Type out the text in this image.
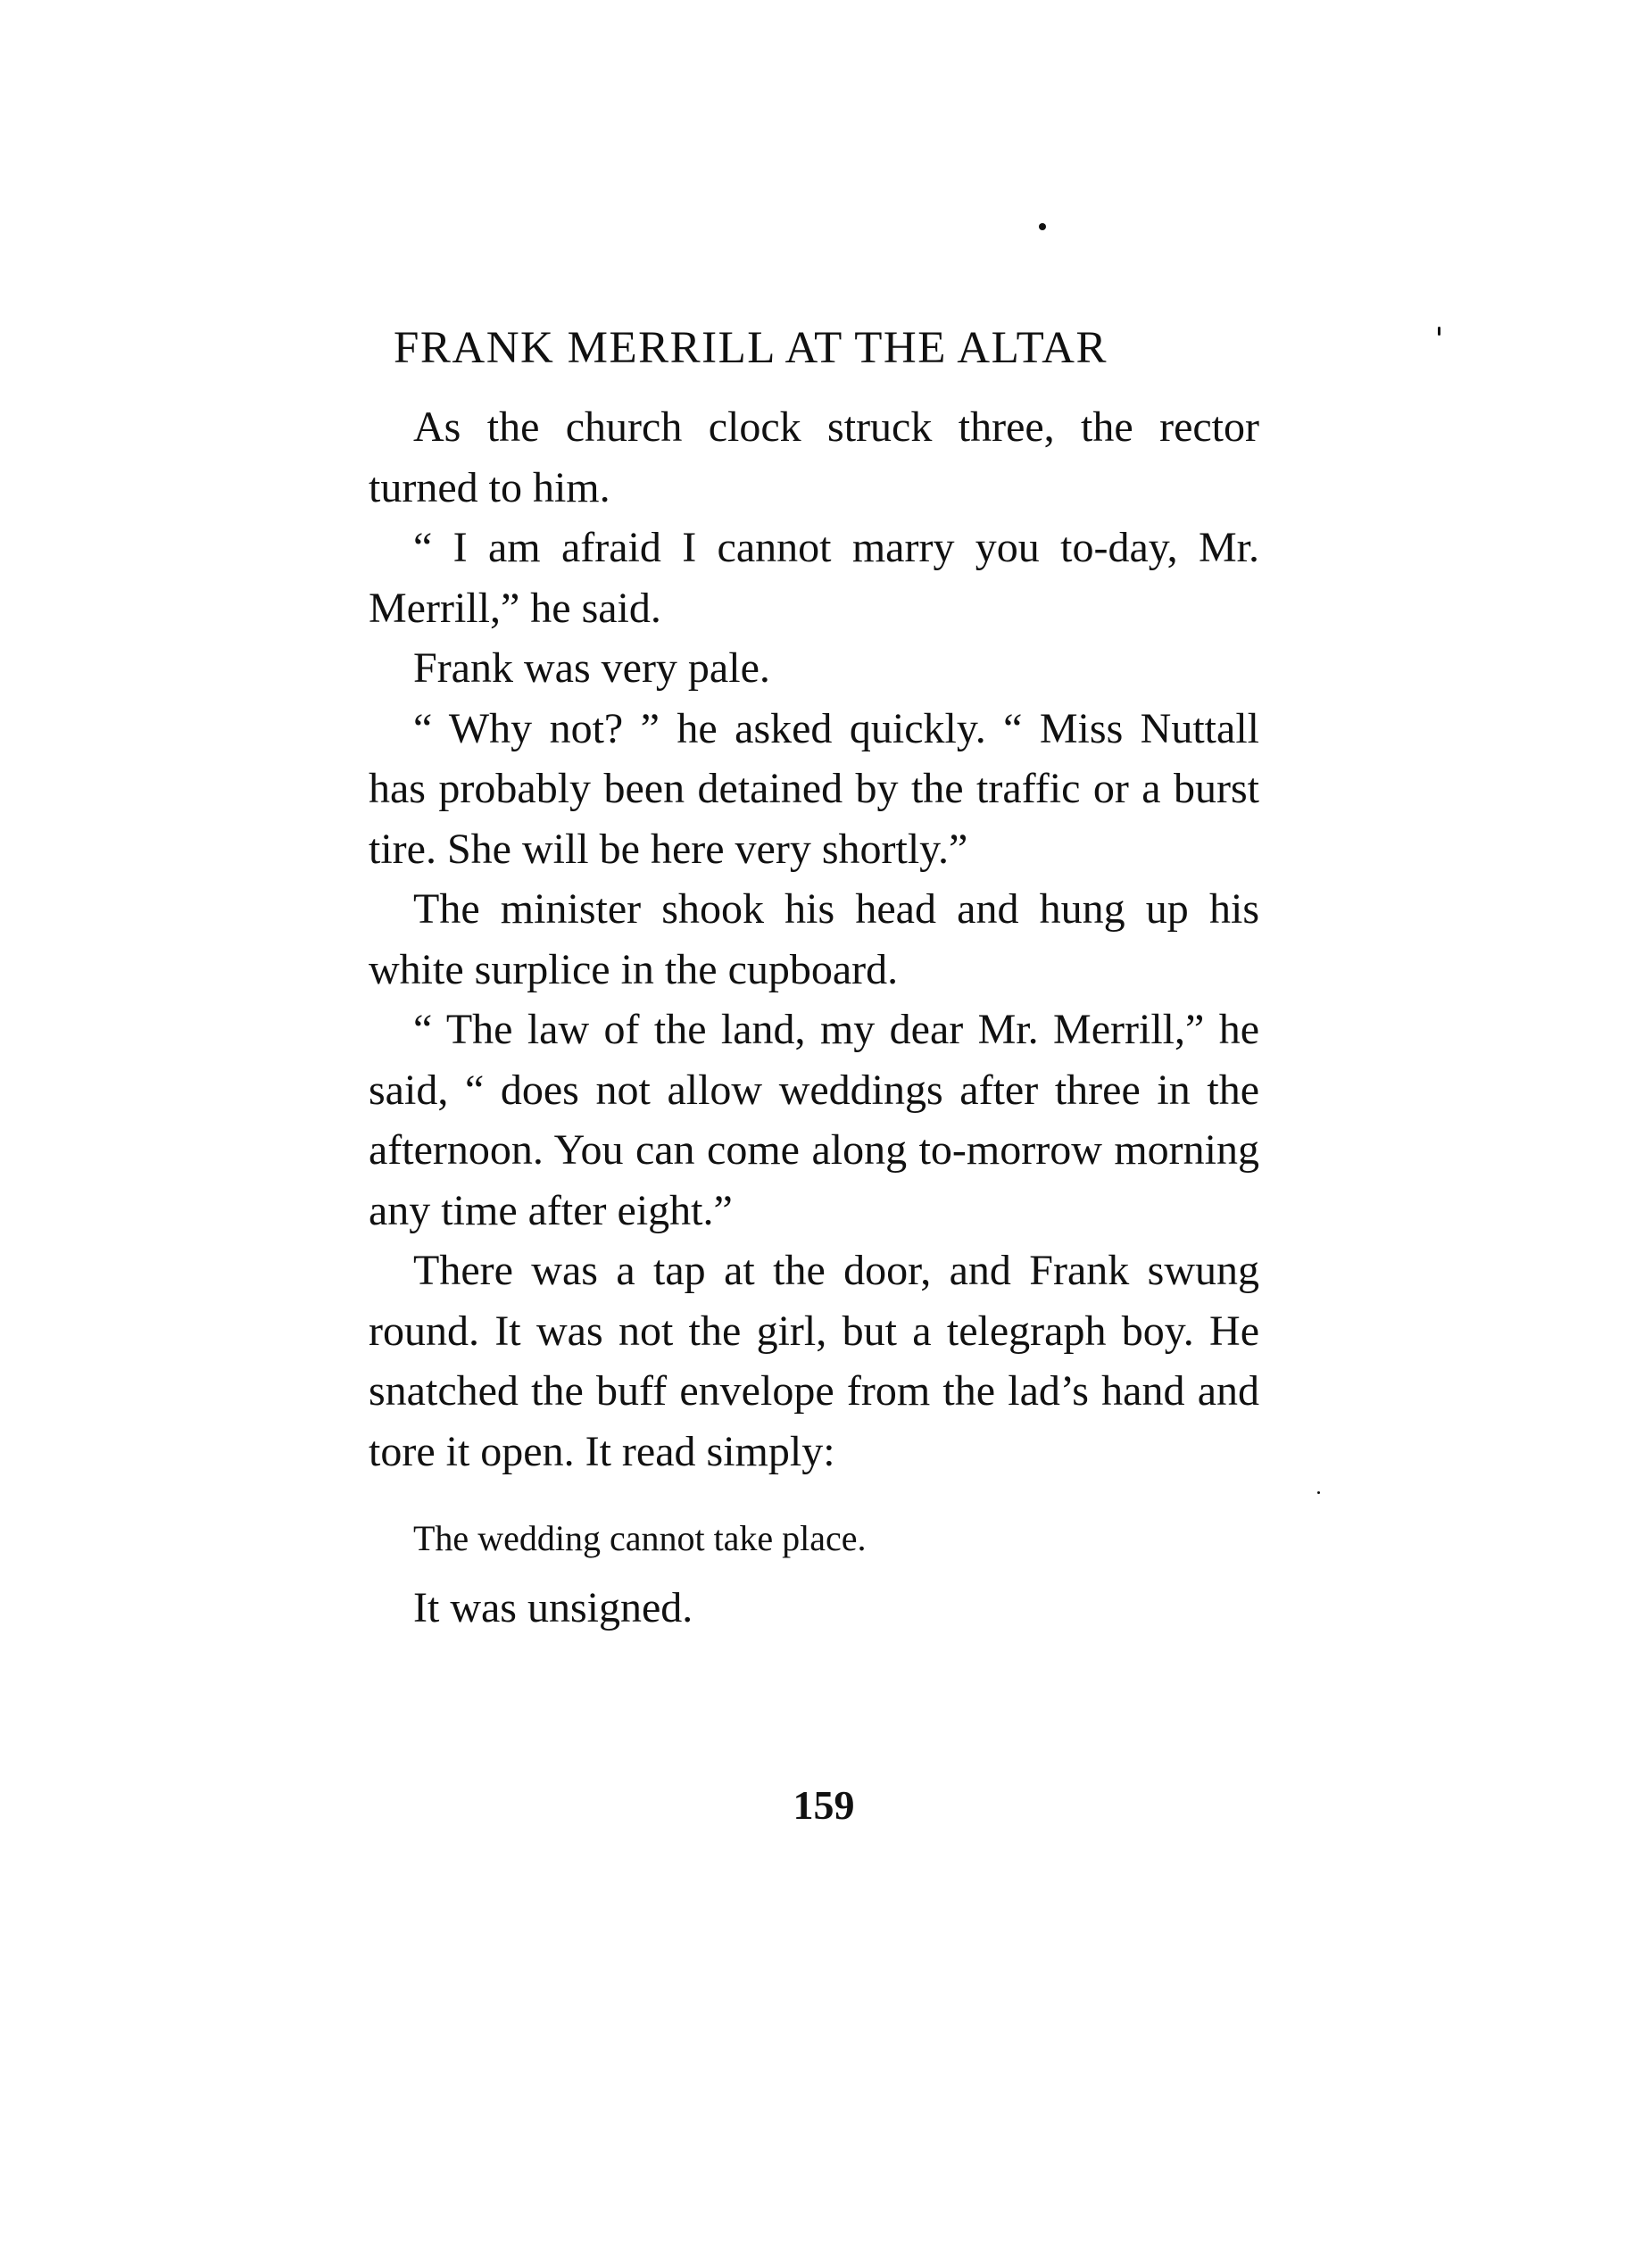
FRANK MERRILL AT THE ALTAR

As the church clock struck three, the rector turned to him.

“ I am afraid I cannot marry you to-day, Mr. Merrill,” he said.

Frank was very pale.

“ Why not? ” he asked quickly. “ Miss Nuttall has probably been detained by the traffic or a burst tire. She will be here very shortly.”

The minister shook his head and hung up his white surplice in the cupboard.

“ The law of the land, my dear Mr. Merrill,” he said, “ does not allow weddings after three in the afternoon. You can come along to-morrow morning any time after eight.”

There was a tap at the door, and Frank swung round. It was not the girl, but a telegraph boy. He snatched the buff envelope from the lad’s hand and tore it open. It read simply:

The wedding cannot take place.

It was unsigned.

159
